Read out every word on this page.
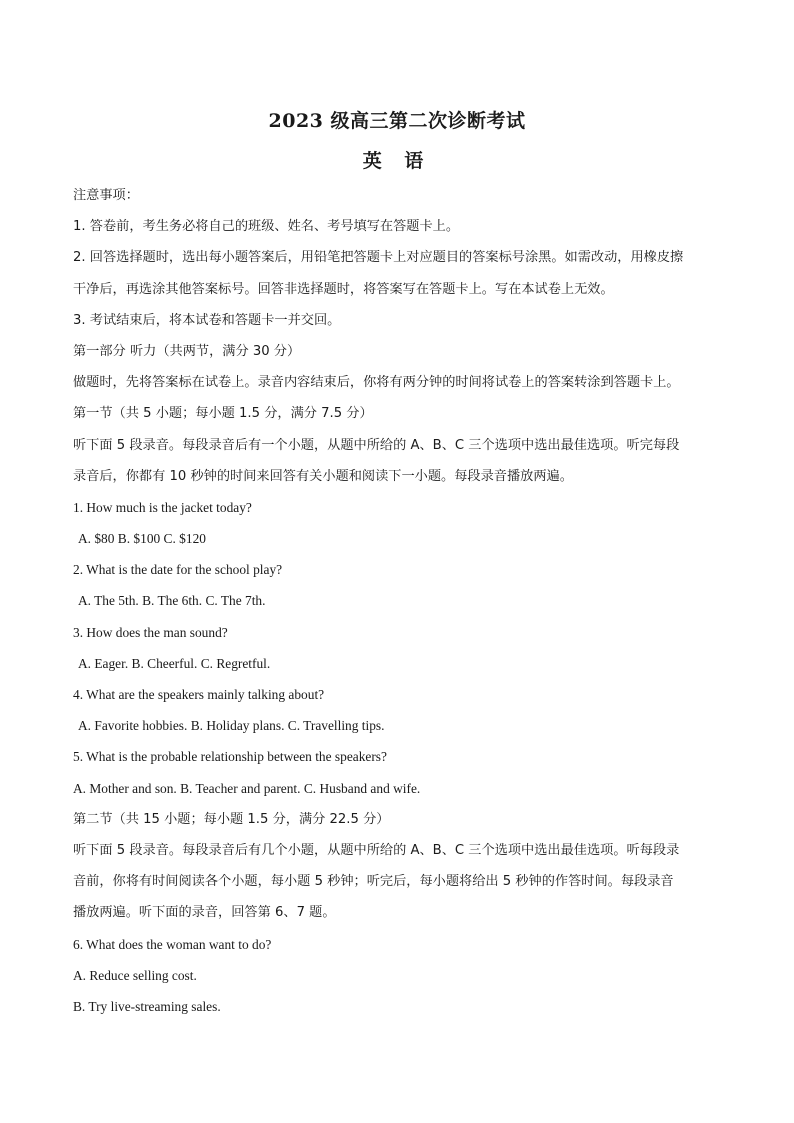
2023 级高三第二次诊断考试
英 语
注意事项：
1. 答卷前，考生务必将自己的班级、姓名、考号填写在答题卡上。
2. 回答选择题时，选出每小题答案后，用铅笔把答题卡上对应题目的答案标号涂黑。如需改动，用橡皮擦
干净后，再选涂其他答案标号。回答非选择题时，将答案写在答题卡上。写在本试卷上无效。
3. 考试结束后，将本试卷和答题卡一并交回。
第一部分 听力（共两节，满分 30 分）
做题时，先将答案标在试卷上。录音内容结束后，你将有两分钟的时间将试卷上的答案转涂到答题卡上。
第一节（共 5 小题；每小题 1.5 分，满分 7.5 分）
听下面 5 段录音。每段录音后有一个小题，从题中所给的 A、B、C 三个选项中选出最佳选项。听完每段
录音后，你都有 10 秒钟的时间来回答有关小题和阅读下一小题。每段录音播放两遍。
1. How much is the jacket today?
A. $80 B. $100 C. $120
2. What is the date for the school play?
A. The 5th. B. The 6th. C. The 7th.
3. How does the man sound?
A. Eager. B. Cheerful. C. Regretful.
4. What are the speakers mainly talking about?
A. Favorite hobbies. B. Holiday plans. C. Travelling tips.
5. What is the probable relationship between the speakers?
A. Mother and son. B. Teacher and parent. C. Husband and wife.
第二节（共 15 小题；每小题 1.5 分，满分 22.5 分）
听下面 5 段录音。每段录音后有几个小题，从题中所给的 A、B、C 三个选项中选出最佳选项。听每段录
音前，你将有时间阅读各个小题，每小题 5 秒钟；听完后，每小题将给出 5 秒钟的作答时间。每段录音
播放两遍。听下面的录音，回答第 6、7 题。
6. What does the woman want to do?
A. Reduce selling cost.
B. Try live-streaming sales.
